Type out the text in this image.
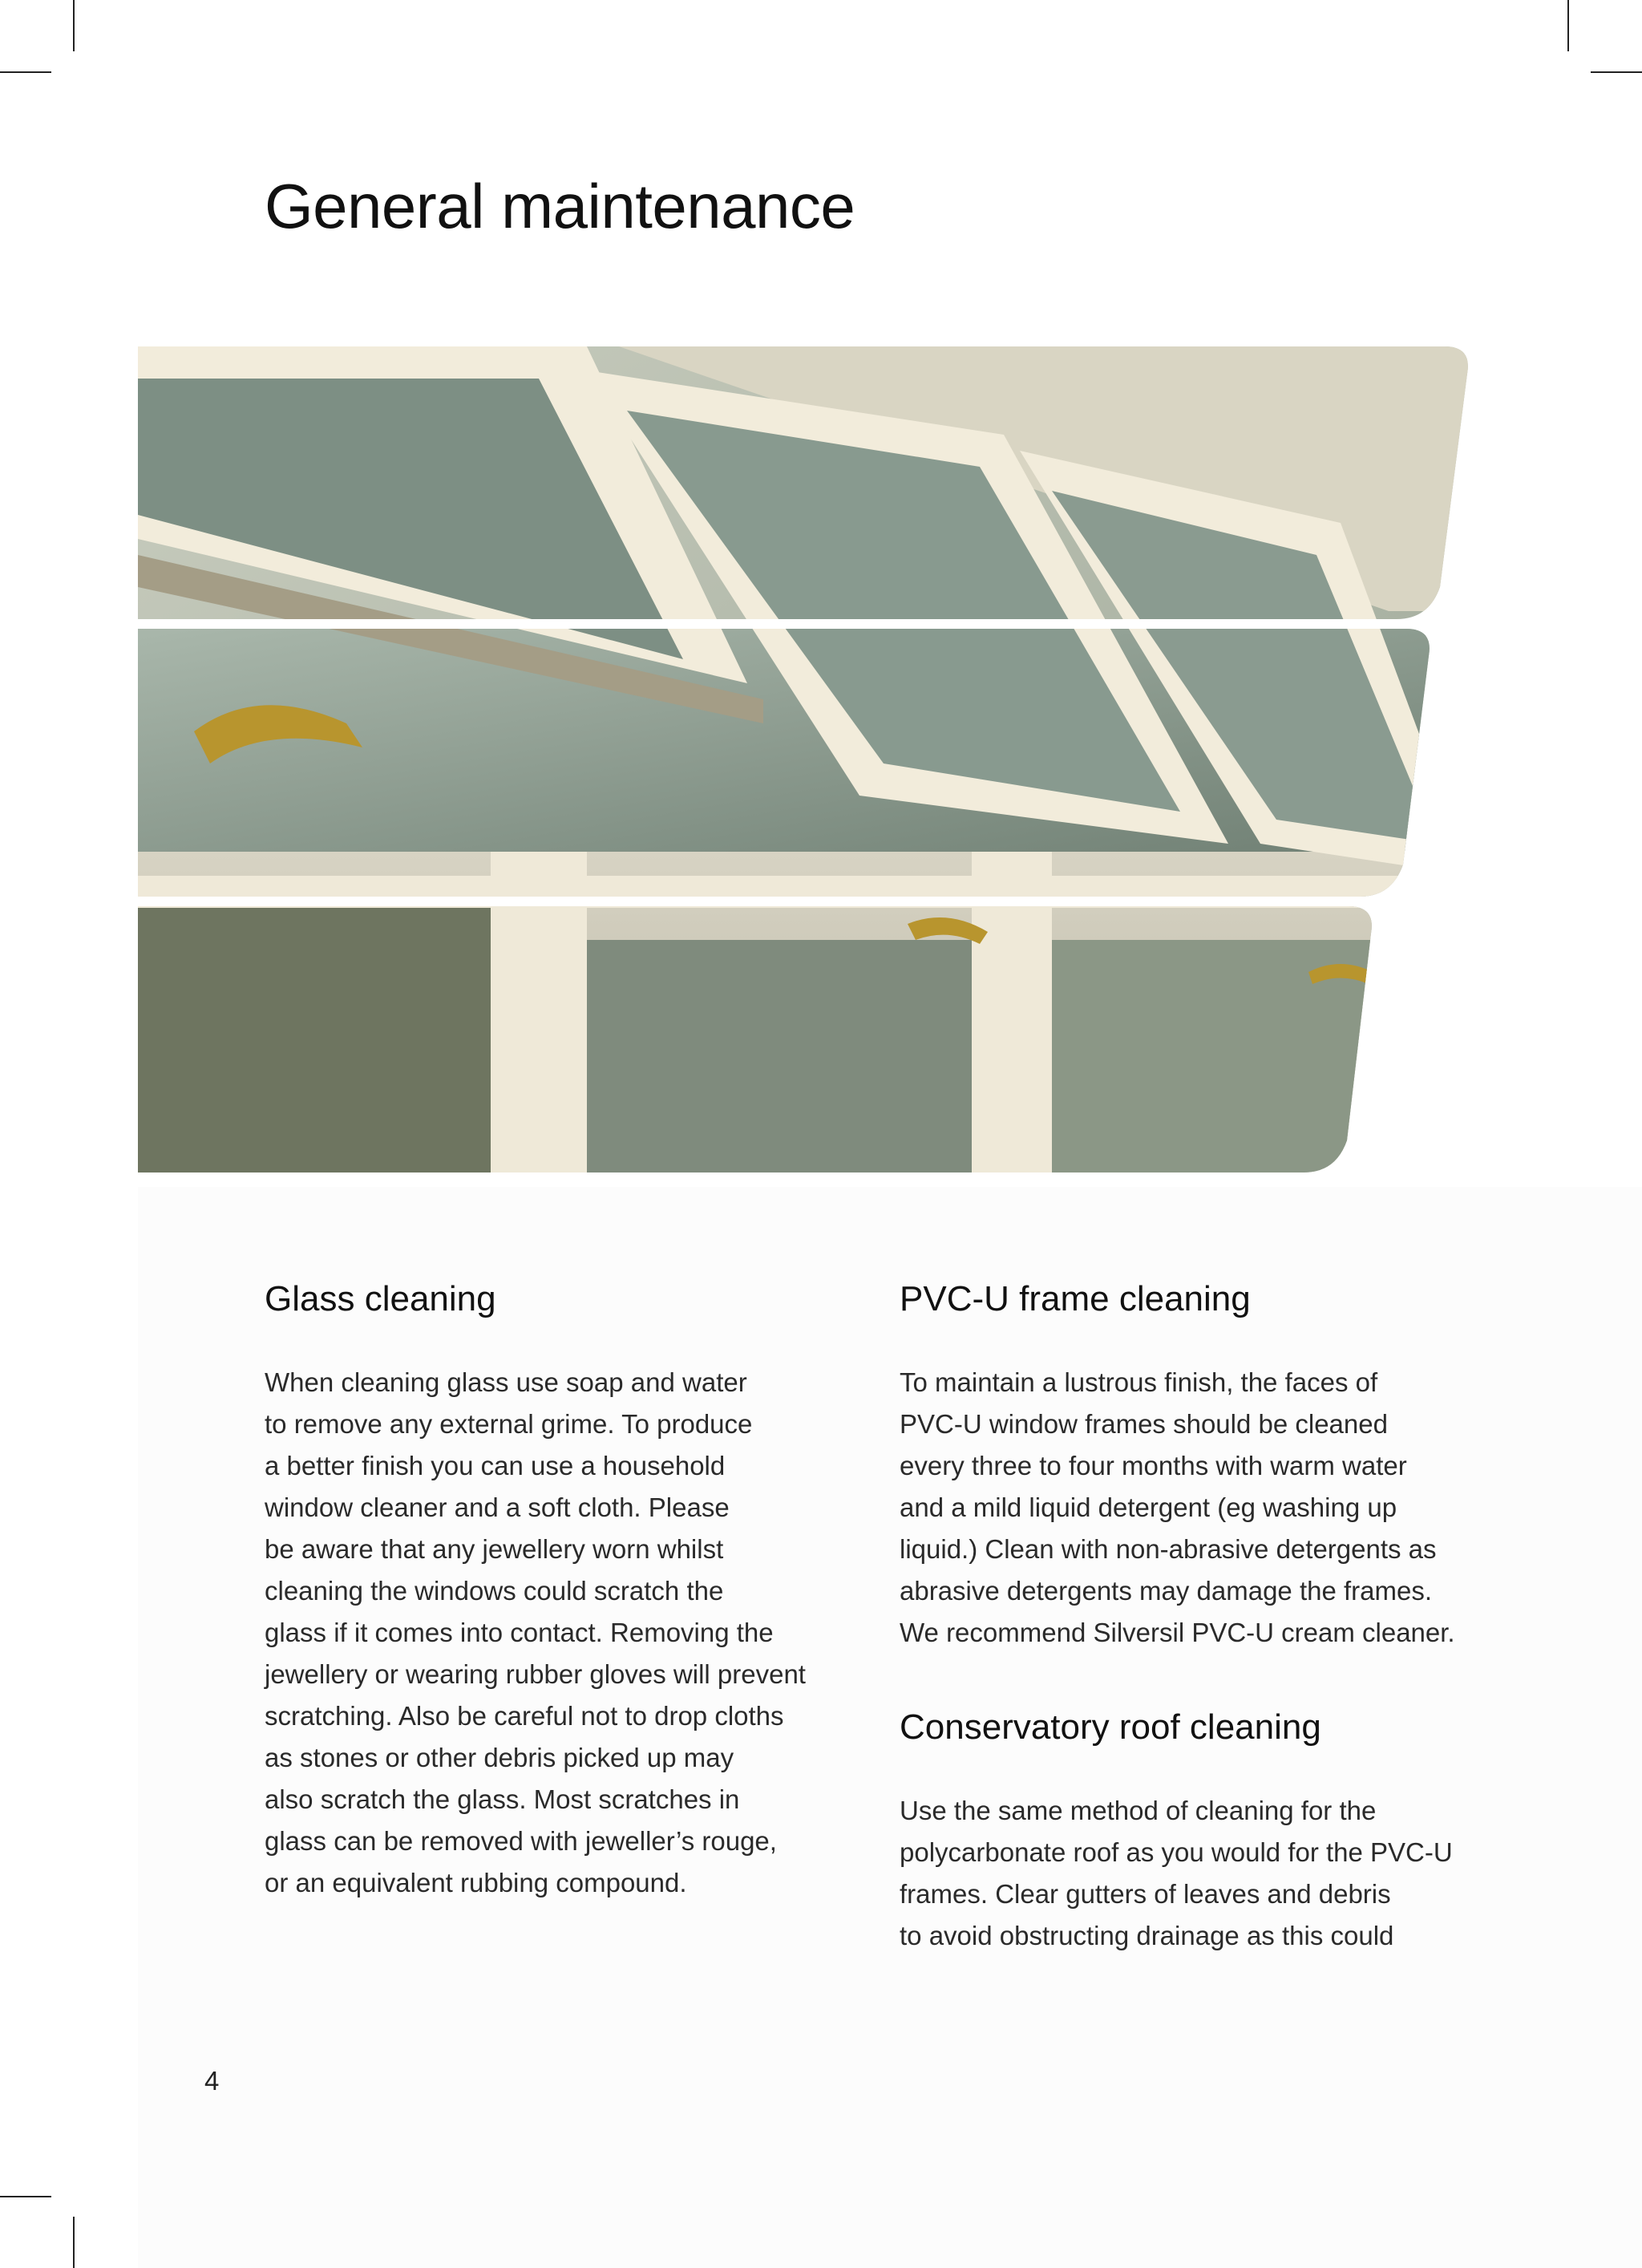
General maintenance
Glass cleaning

When cleaning glass use soap and water

to remove any external grime. To produce

a better finish you can use a household

window cleaner and a soft cloth. Please

be aware that any jewellery worn whilst

cleaning the windows could scratch the

glass if it comes into contact. Removing the

jewellery or wearing rubber gloves will prevent

scratching. Also be careful not to drop cloths

as stones or other debris picked up may

also scratch the glass. Most scratches in

glass can be removed with jeweller’s rouge,

or an equivalent rubbing compound.

PVC-U frame cleaning

To maintain a lustrous finish, the faces of

PVC-U window frames should be cleaned

every three to four months with warm water

and a mild liquid detergent (eg washing up

liquid.) Clean with non-abrasive detergents as

abrasive detergents may damage the frames.

We recommend Silversil PVC-U cream cleaner.

Conservatory roof cleaning

Use the same method of cleaning for the

polycarbonate roof as you would for the PVC-U

frames. Clear gutters of leaves and debris

to avoid obstructing drainage as this could

4
